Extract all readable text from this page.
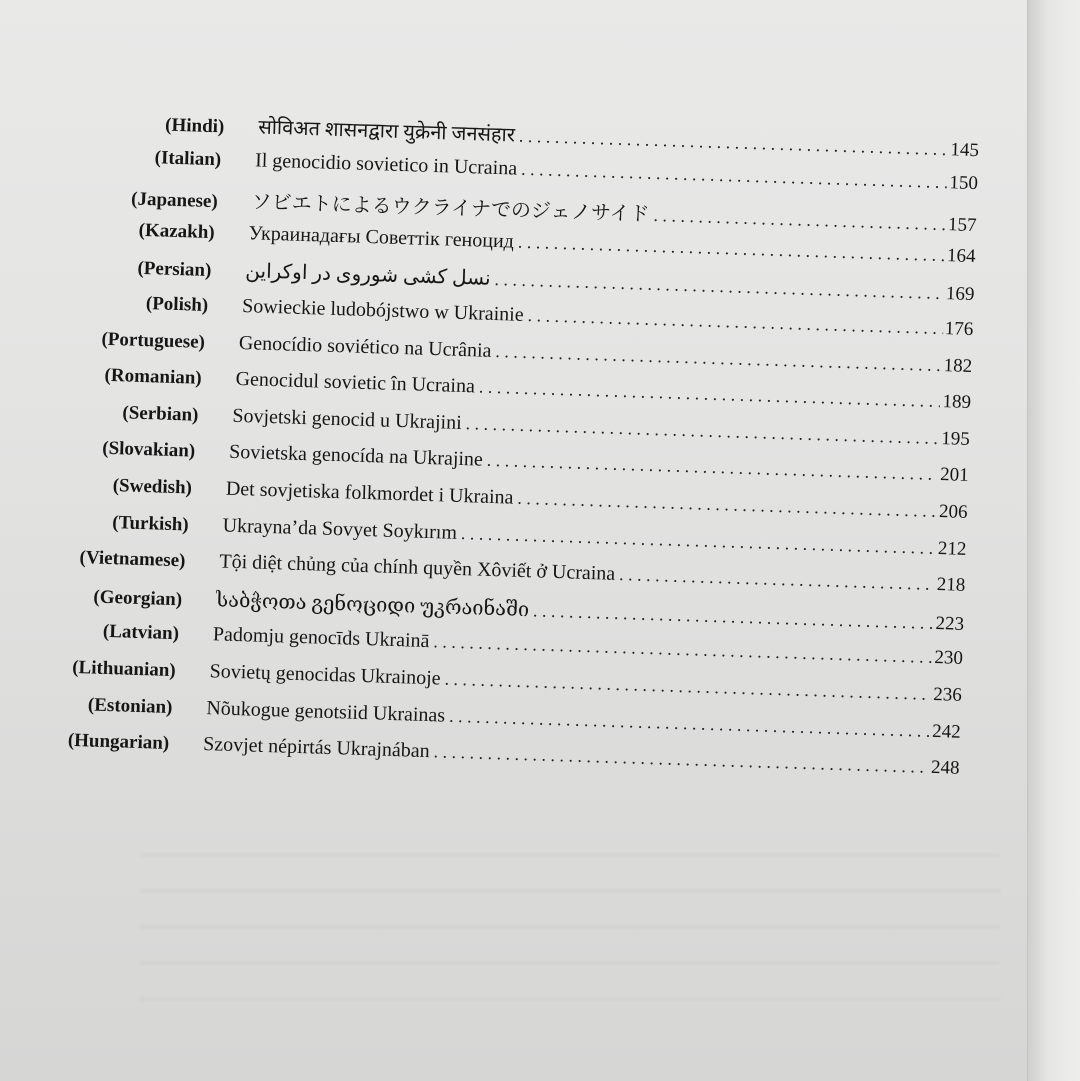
(Hindi)	सोविअत शासनद्वारा युक्रेनी जनसंहार
. . .
145
(Italian)	Il genocidio sovietico in Ucraina
. . .
150
(Japanese)	ソビエトによるウクライナでのジェノサイド
. . .	157
(Kazakh)	Украинадағы Советтік геноцид
. . .
164
(Persian)	نسل کشی شوروی در اوکراین
. . .
169
(Polish)	Sowieckie ludobójstwo w Ukrainie
. . .
176
(Portuguese)	Genocídio soviético na Ucrânia
. . .
182
(Romanian)	Genocidul sovietic în Ucraina
. . .
189
(Serbian)	Sovjetski genocid u Ukrajini
. . .
195
(Slovakian)	Sovietska genocída na Ukrajine
. . .
201
(Swedish)	Det sovjetiska folkmordet i Ukraina
. . .
206
(Turkish)	Ukrayna’da Sovyet Soykırım
. . .
212
(Vietnamese)	Tội diệt chủng của chính quyền Xôviết ở Ucraina
. . .
218
(Georgian)	საბჭოთა გენოციდი უკრაინაში
. . .
223
(Latvian)	Padomju genocīds Ukrainā
. . .
230
(Lithuanian)	Sovietų genocidas Ukrainoje
. . .
236
(Estonian)	Nõukogue genotsiid Ukrainas
. . .
242
(Hungarian)	Szovjet népirtás Ukrajnában
. . .
248
